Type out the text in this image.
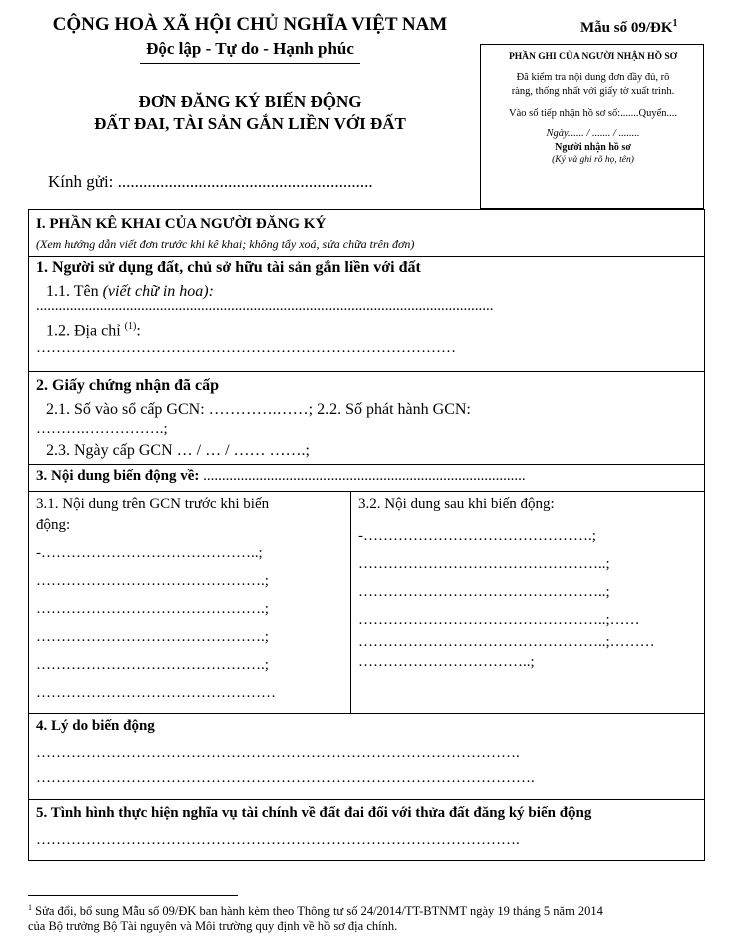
CỘNG HOÀ XÃ HỘI CHỦ NGHĨA VIỆT NAM
Độc lập - Tự do - Hạnh phúc
Mẫu số $09/ĐK^1$
ĐƠN ĐĂNG KÝ BIẾN ĐỘNG
ĐẤT ĐAI, TÀI SẢN GẮN LIỀN VỚI ĐẤT
Kính gửi: ............................................................
PHẦN GHI CỦA NGƯỜI NHẬN HỒ SƠ
Đã kiểm tra nội dung đơn đầy đủ, rõ
ràng, thống nhất với giấy tờ xuất trình.
Vào sổ tiếp nhận hồ sơ số:.......Quyển....
Ngày...... / ....... / ........
Người nhận hồ sơ
(Ký và ghi rõ họ, tên)
I. PHẦN KÊ KHAI CỦA NGƯỜI ĐĂNG KÝ
(Xem hướng dẫn viết đơn trước khi kê khai; không tẩy xoá, sửa chữa trên đơn)
1. Người sử dụng đất, chủ sở hữu tài sản gắn liền với đất
1.1. Tên (viết chữ in hoa):
..........................................................................................................................
1.2. Địa chỉ $^{(1)}$:
…………………………………………………………………………
2. Giấy chứng nhận đã cấp
2.1. Số vào sổ cấp GCN: ………….……; 2.2. Số phát hành GCN:
……….…………….;
2.3. Ngày cấp GCN … / … / …… …….;
3. Nội dung biến động về: ......................................................................................
3.1. Nội dung trên GCN trước khi biến
động:
-……………………………………..;
……………………………………….;
……………………………………….;
……………………………………….;
……………………………………….;
…………………………………………
3.2. Nội dung sau khi biến động:
-……………………………………….;
…………………………………………..;
…………………………………………..;
…………………………………………..;……
…………………………………………..;………
……………………………..;
4. Lý do biến động
…………………………………………………………………………………….
……………………………………………………………………………………….
5. Tình hình thực hiện nghĩa vụ tài chính về đất đai đối với thửa đất đăng ký biến động
…………………………………………………………………………………….
$^1$ Sửa đổi, bổ sung Mẫu số 09/ĐK ban hành kèm theo Thông tư số 24/2014/TT-BTNMT ngày 19 tháng 5 năm 2014
của Bộ trưởng Bộ Tài nguyên và Môi trường quy định về hồ sơ địa chính.
